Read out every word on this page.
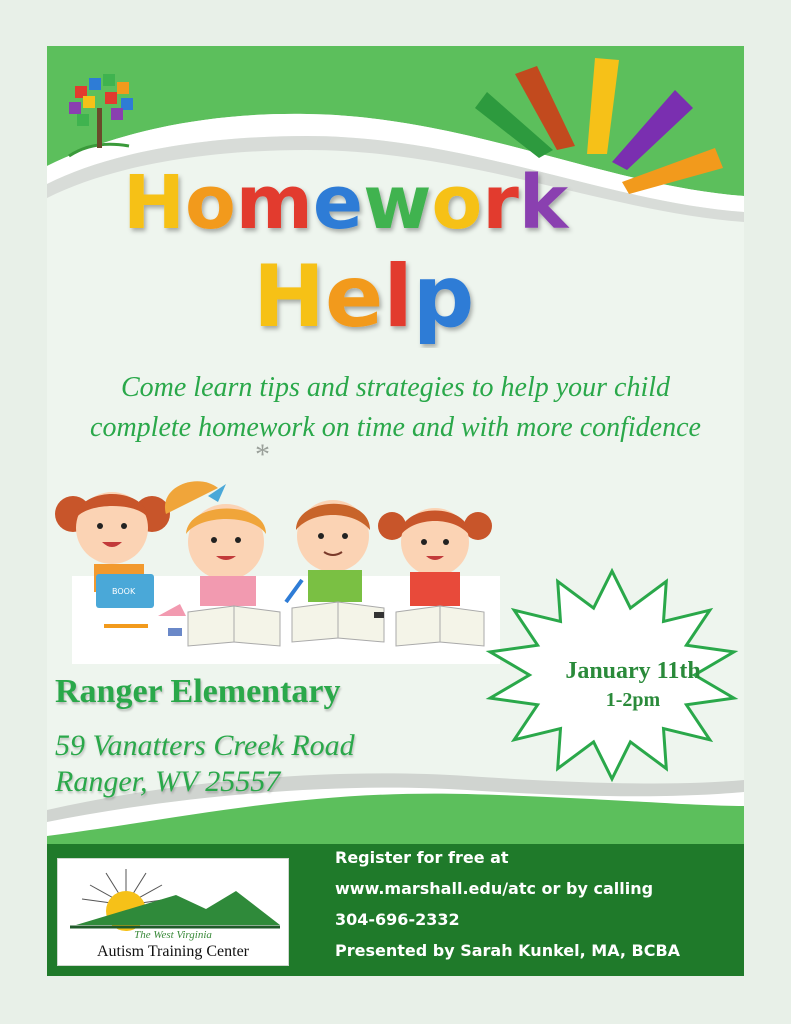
Homework
Help

Come learn tips and strategies to help your child
complete homework on time and with more confidence

*
BOOK
January 11th
1-2pm
Ranger Elementary
59 Vanatters Creek Road
Ranger, WV 25557
The West Virginia
Autism Training Center
Register for free at
www.marshall.edu/atc or by calling
304-696-2332
Presented by Sarah Kunkel, MA, BCBA
